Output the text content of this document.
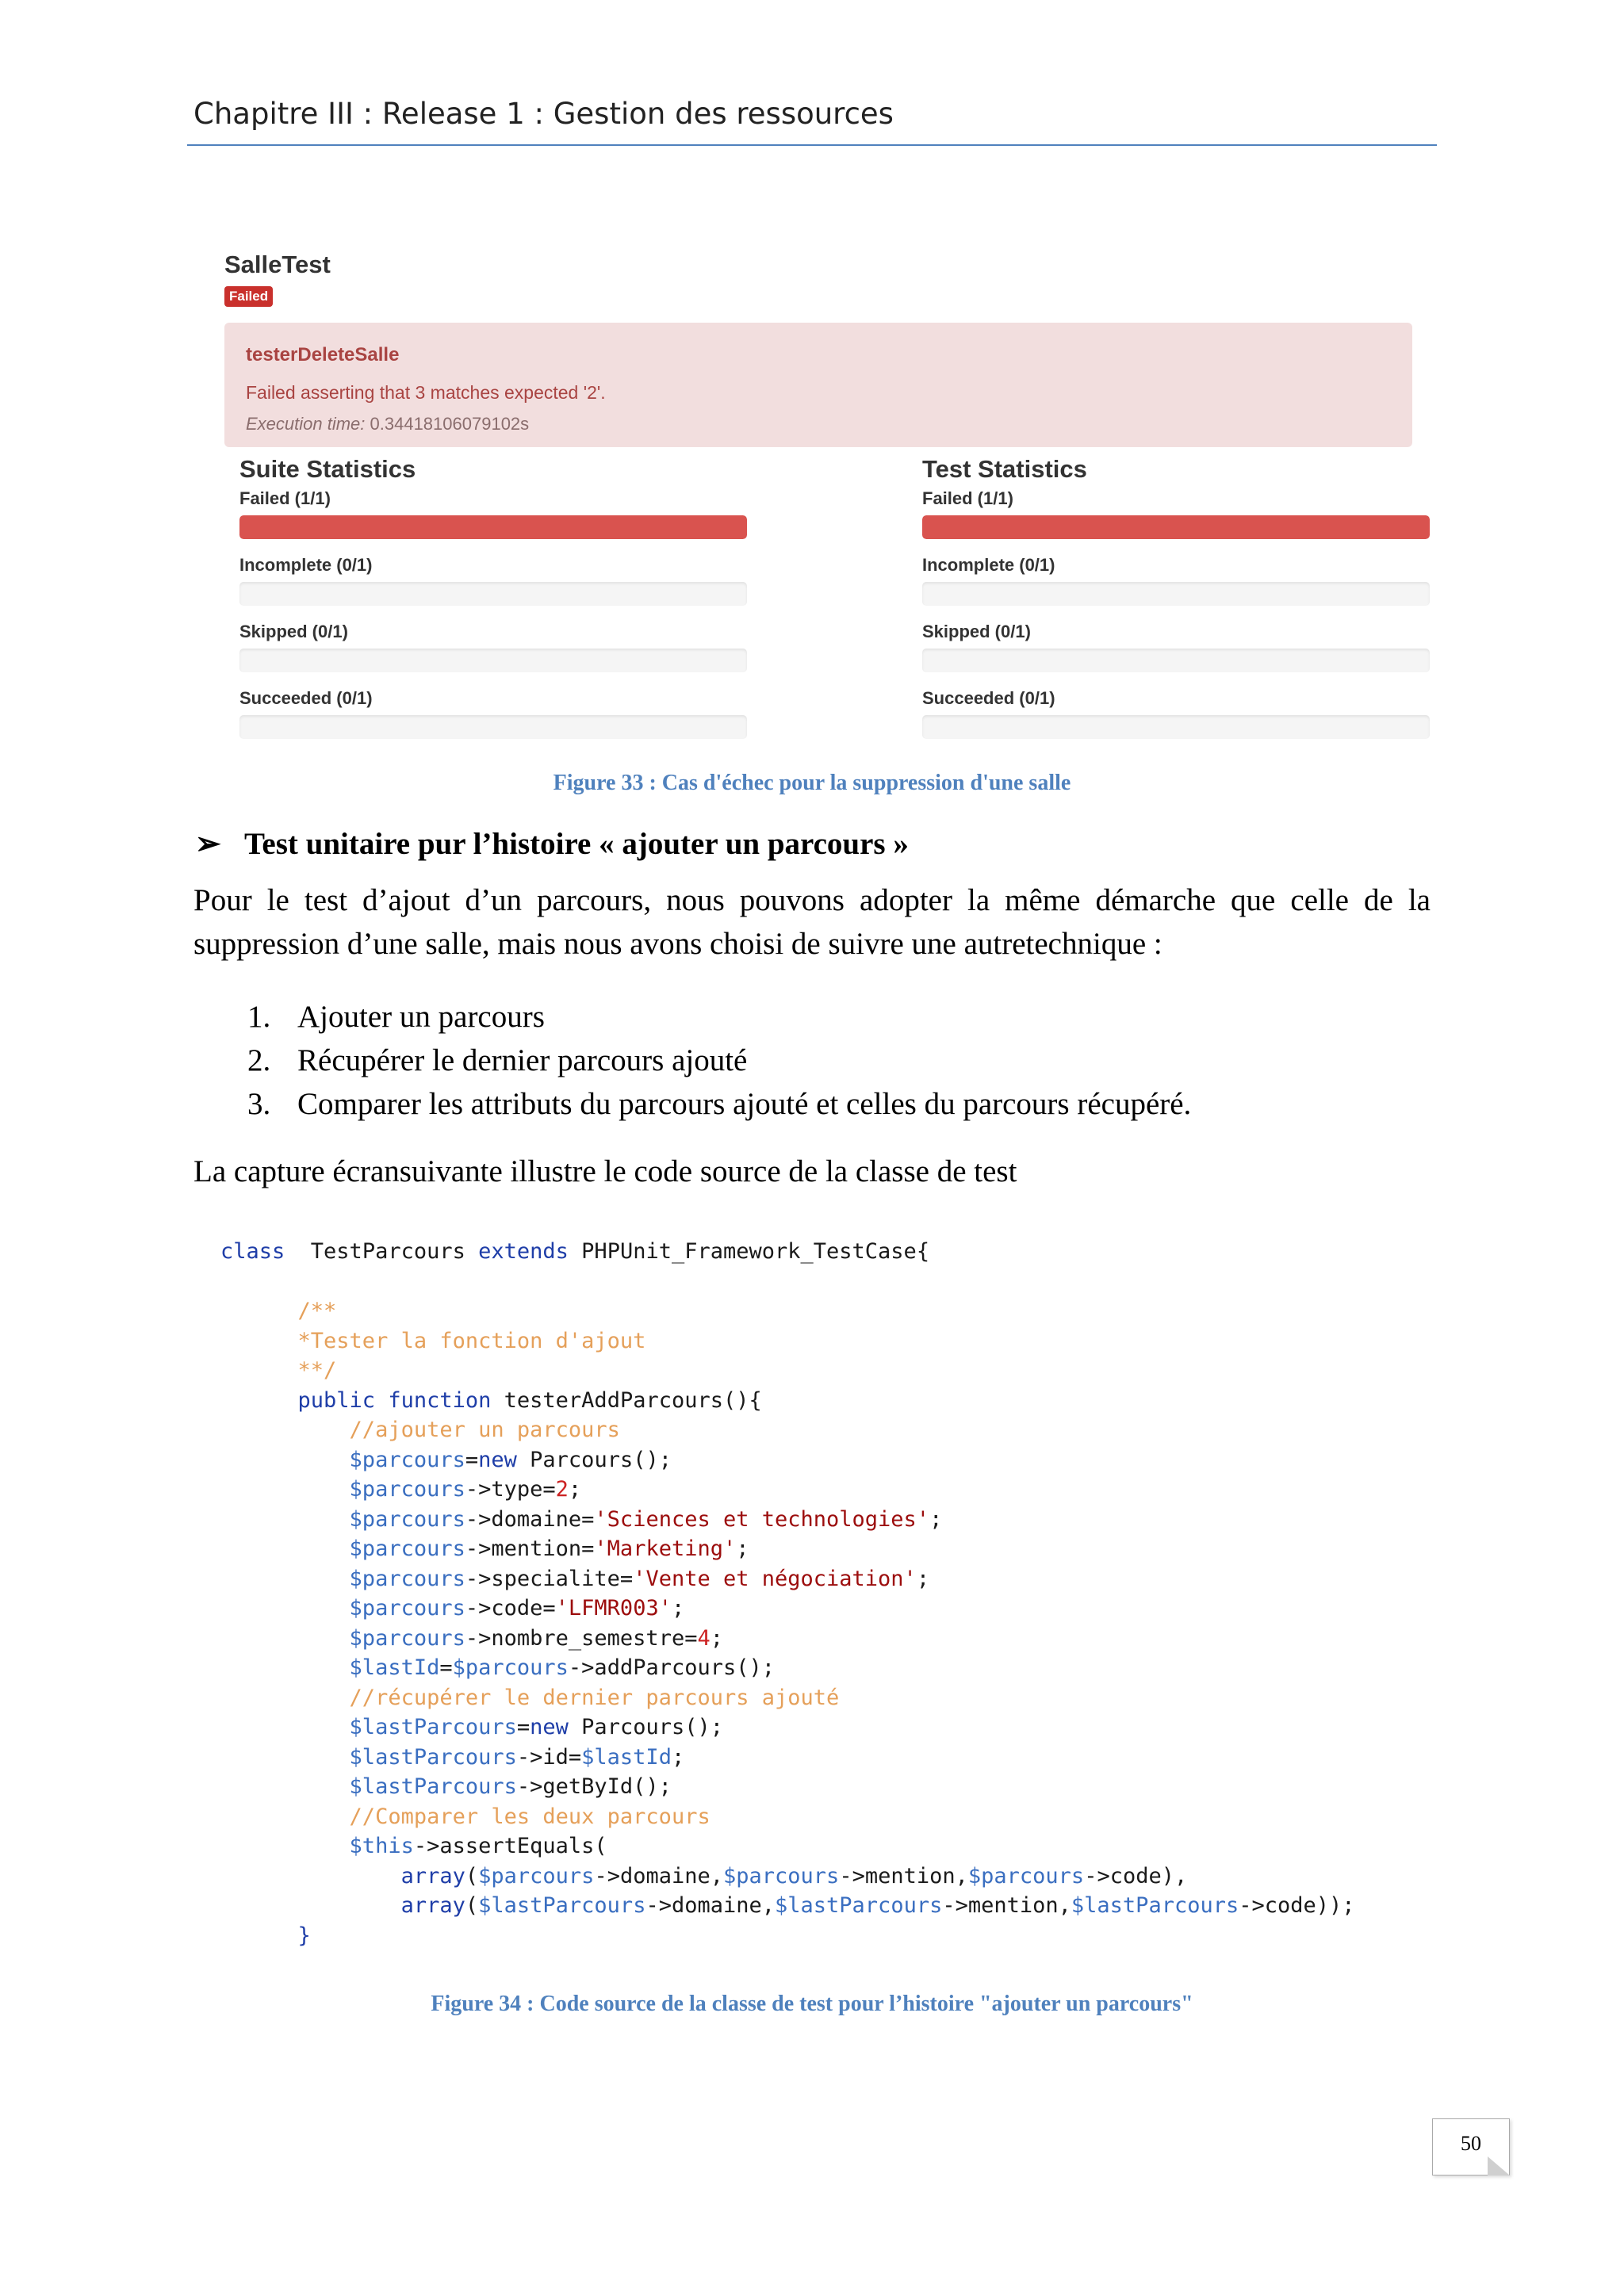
Chapitre III : Release 1 : Gestion des ressources
SalleTest
Failed
testerDeleteSalle
Failed asserting that 3 matches expected '2'.
Execution time: 0.34418106079102s
Suite Statistics
Failed (1/1)
Incomplete (0/1)
Skipped (0/1)
Succeeded (0/1)
Test Statistics
Failed (1/1)
Incomplete (0/1)
Skipped (0/1)
Succeeded (0/1)
Figure 33 : Cas d'échec pour la suppression d'une salle
➢ Test unitaire pur l’histoire « ajouter un parcours »
Pour le test d’ajout d’un parcours, nous pouvons adopter la même démarche que celle de la suppression d’une salle, mais nous avons choisi de suivre une autretechnique :
1. Ajouter un parcours
2. Récupérer le dernier parcours ajouté
3. Comparer les attributs du parcours ajouté et celles du parcours récupéré.
La capture écransuivante illustre le code source de la classe de test
class  TestParcours extends PHPUnit_Framework_TestCase{

/**
*Tester la fonction d'ajout
**/
public function testerAddParcours(){
//ajouter un parcours
$parcours=new Parcours();
$parcours->type=2;
$parcours->domaine='Sciences et technologies';
$parcours->mention='Marketing';
$parcours->specialite='Vente et négociation';
$parcours->code='LFMR003';
$parcours->nombre_semestre=4;
$lastId=$parcours->addParcours();
//récupérer le dernier parcours ajouté
$lastParcours=new Parcours();
$lastParcours->id=$lastId;
$lastParcours->getById();
//Comparer les deux parcours
$this->assertEquals(
array($parcours->domaine,$parcours->mention,$parcours->code),
array($lastParcours->domaine,$lastParcours->mention,$lastParcours->code));
}

Figure 34 : Code source de la classe de test pour l’histoire "ajouter un parcours"
50
